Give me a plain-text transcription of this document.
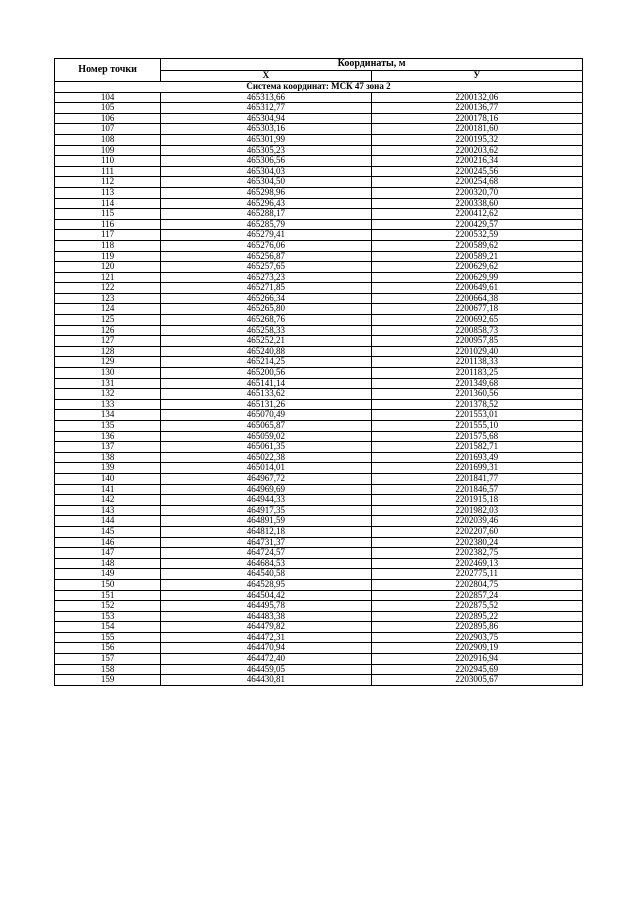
Номер точки	Координаты, м	
	Х	У
Система координат: МСК 47 зона 2		
104	465313,66	2200132,06
105	465312,77	2200136,77
106	465304,94	2200178,16
107	465303,16	2200181,60
108	465301,99	2200195,32
109	465305,23	2200203,62
110	465306,56	2200216,34
111	465304,03	2200245,56
112	465304,50	2200254,68
113	465298,96	2200320,70
114	465296,43	2200338,60
115	465288,17	2200412,62
116	465285,79	2200429,57
117	465279,41	2200532,59
118	465276,06	2200589,62
119	465256,87	2200589,21
120	465257,65	2200629,62
121	465273,23	2200629,99
122	465271,85	2200649,61
123	465266,34	2200664,38
124	465265,80	2200677,18
125	465268,76	2200692,65
126	465258,33	2200858,73
127	465252,21	2200957,85
128	465240,88	2201029,40
129	465214,25	2201138,33
130	465200,56	2201183,25
131	465141,14	2201349,68
132	465133,62	2201360,56
133	465131,26	2201378,52
134	465070,49	2201553,01
135	465065,87	2201555,10
136	465059,02	2201575,68
137	465061,35	2201582,71
138	465022,38	2201693,49
139	465014,01	2201699,31
140	464967,72	2201841,77
141	464969,69	2201846,57
142	464944,33	2201915,18
143	464917,35	2201982,03
144	464891,59	2202039,46
145	464812,18	2202207,60
146	464731,37	2202380,24
147	464724,57	2202382,75
148	464684,53	2202469,13
149	464540,58	2202775,11
150	464528,95	2202804,75
151	464504,42	2202857,24
152	464495,78	2202875,52
153	464483,38	2202895,22
154	464479,82	2202895,86
155	464472,31	2202903,75
156	464470,94	2202909,19
157	464472,40	2202916,94
158	464459,05	2202945,69
159	464430,81	2203005,67
